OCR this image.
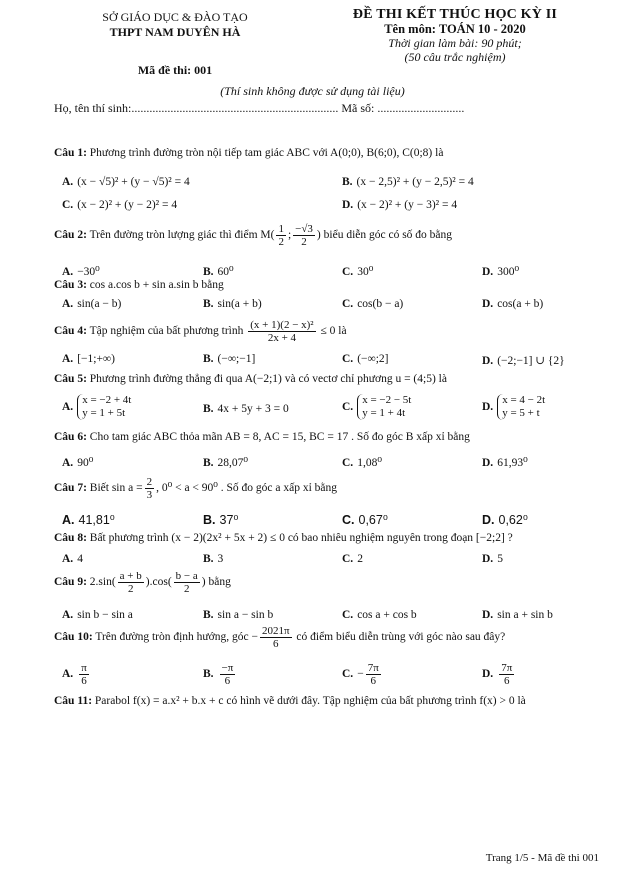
SỞ GIÁO DỤC & ĐÀO TẠO
THPT NAM DUYÊN HÀ
Mã đề thi: 001
ĐỀ THI KẾT THÚC HỌC KỲ II
Tên môn: TOÁN 10 - 2020
Thời gian làm bài: 90 phút;
(50 câu trắc nghiệm)
(Thí sinh không được sử dụng tài liệu)
Họ, tên thí sinh:..................................................................... Mã số: .............................
Câu 1: Phương trình đường tròn nội tiếp tam giác ABC với A(0;0), B(6;0), C(0;8) là
A. (x − √5)² + (y − √5)² = 4	B. (x − 2,5)² + (y − 2,5)² = 4
C. (x − 2)² + (y − 2)² = 4	D. (x − 2)² + (y − 3)² = 4
Câu 2: Trên đường tròn lượng giác thì điểm $M( \frac{1}{2}$ ; $\frac{-√3}{2}$ ) biểu diễn góc có số đo bằng
A. −30⁰	B. 60⁰	C. 30⁰	D. 300⁰
Câu 3: cos a.cos b + sin a.sin b bằng
A. sin(a − b)	B. sin(a + b)	C. cos(b − a)	D. cos(a + b)
Câu 4: Tập nghiệm của bất phương trình $\frac{\text{(x + 1)(2 − x)²}}{2x + 4} \le 0$ là
A. [−1;+∞)	B. (−∞;−1]	C. (−∞;2]	D. (−2;−1] ∪ {2}
Câu 5: Phương trình đường thẳng đi qua A(−2;1) và có vectơ chỉ phương u = (4;5) là
A.
x = −2 + 4t
y = 1 + 5t	B. 4x + 5y + 3 = 0	C.
x = −2 − 5t
y = 1 + 4t
D.
x = 4 − 2t
y = 5 + t
Câu 6: Cho tam giác ABC thỏa mãn AB = 8, AC = 15, BC = 17 . Số đo góc B xấp xỉ bằng
A. 90⁰	B. 28,07⁰	C. 1,08⁰	D. 61,93⁰
Câu 7: Biết $\sin a = \frac{2}{3}$ , 0⁰ < a < 90⁰ . Số đo góc a xấp xỉ bằng
A. 41,81⁰	B. 37⁰	C. 0,67⁰	D. 0,62⁰
Câu 8: Bất phương trình (x − 2)(2x² + 5x + 2) ≤ 0 có bao nhiêu nghiệm nguyên trong đoạn [−2;2] ?
A. 4	B. 3	C. 2	D. 5
Câu 9: $2.\sin( \frac{a + b}{2} ).\cos( \frac{b - a}{2}$ ) bằng
A. sin b − sin a	B. sin a − sin b	C. cos a + cos b	D. sin a + sin b
Câu 10: Trên đường tròn định hướng, góc − $\frac{2021\pi}{6}$ có điểm biểu diễn trùng với góc nào sau đây?
A. $\frac{\pi}{6}$	B. $\frac{-\pi}{6}$	C. − $\frac{7\pi}{6}$	D. $\frac{7\pi}{6}$
Câu 11: Parabol f(x) = a.x² + b.x + c có hình vẽ dưới đây. Tập nghiệm của bất phương trình f(x) > 0 là
Trang 1/5 - Mã đề thi 001
